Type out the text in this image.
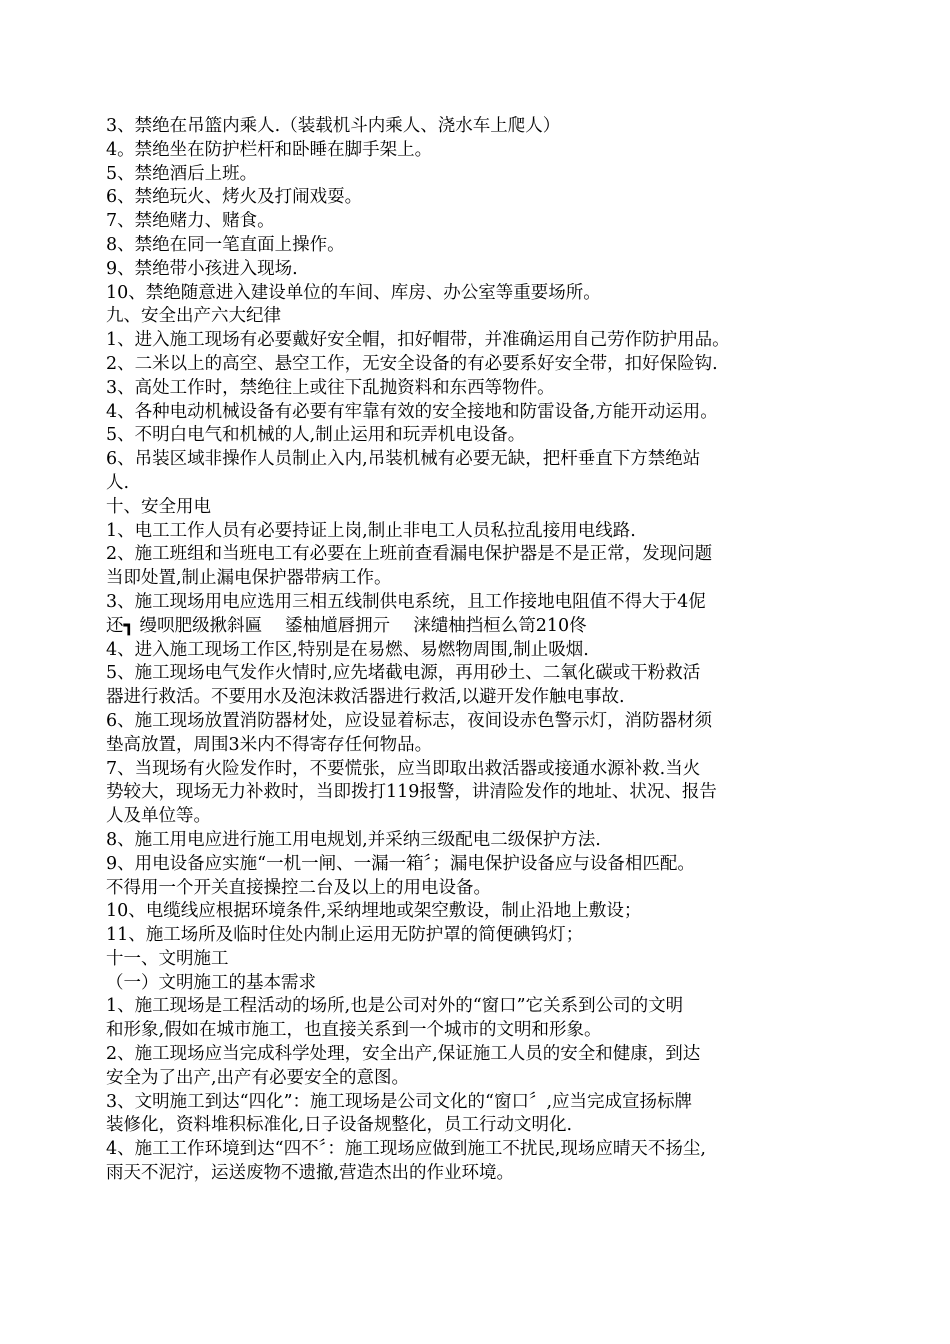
3、禁绝在吊篮内乘人.（装载机斗内乘人、浇水车上爬人）

4。禁绝坐在防护栏杆和卧睡在脚手架上。

5、禁绝酒后上班。

6、禁绝玩火、烤火及打闹戏耍。

7、禁绝赌力、赌食。

8、禁绝在同一笔直面上操作。

9、禁绝带小孩进入现场.

10、禁绝随意进入建设单位的车间、库房、办公室等重要场所。

九、安全出产六大纪律

1、进入施工现场有必要戴好安全帽，扣好帽带，并准确运用自己劳作防护用品。

2、二米以上的高空、悬空工作，无安全设备的有必要系好安全带，扣好保险钩.

3、高处工作时，禁绝往上或往下乱抛资料和东西等物件。

4、各种电动机械设备有必要有牢靠有效的安全接地和防雷设备,方能开动运用。

5、不明白电气和机械的人,制止运用和玩弄机电设备。

6、吊装区域非操作人员制止入内,吊装机械有必要无缺，把杆垂直下方禁绝站

人.

十、安全用电

1、电工工作人员有必要持证上岗,制止非电工人员私拉乱接用电线路.

2、施工班组和当班电工有必要在上班前查看漏电保护器是不是正常，发现问题

当即处置,制止漏电保护器带病工作。

3、施工现场用电应选用三相五线制供电系统，且工作接地电阻值不得大于4伲

还┓ 缦呗肥级揪斜匾　 鋈柚馗唇拥亓　 涞缱柚挡桓么笥210佟

4、进入施工现场工作区,特别是在易燃、易燃物周围,制止吸烟.

5、施工现场电气发作火情时,应先堵截电源，再用砂土、二氧化碳或干粉救活

器进行救活。不要用水及泡沫救活器进行救活,以避开发作触电事故.

6、施工现场放置消防器材处，应设显着标志，夜间设赤色警示灯，消防器材须

垫高放置，周围3米内不得寄存任何物品。

7、当现场有火险发作时，不要慌张，应当即取出救活器或接通水源补救.当火

势较大，现场无力补救时，当即拨打119报警，讲清险发作的地址、状况、报告

人及单位等。

8、施工用电应进行施工用电规划,并采纳三级配电二级保护方法.

9、用电设备应实施“一机一闸、一漏一箱〞；漏电保护设备应与设备相匹配。

不得用一个开关直接操控二台及以上的用电设备。

10、电缆线应根据环境条件,采纳埋地或架空敷设，制止沿地上敷设；

11、施工场所及临时住处内制止运用无防护罩的简便碘钨灯；

十一、文明施工

（一）文明施工的基本需求

1、施工现场是工程活动的场所,也是公司对外的“窗口”它关系到公司的文明

和形象,假如在城市施工，也直接关系到一个城市的文明和形象。

2、施工现场应当完成科学处理，安全出产,保证施工人员的安全和健康，到达

安全为了出产,出产有必要安全的意图。

3、文明施工到达“四化”：施工现场是公司文化的“窗口〞,应当完成宣扬标牌

装修化，资料堆积标准化,日子设备规整化，员工行动文明化.

4、施工工作环境到达“四不〞：施工现场应做到施工不扰民,现场应晴天不扬尘,

雨天不泥泞，运送废物不遗撤,营造杰出的作业环境。
